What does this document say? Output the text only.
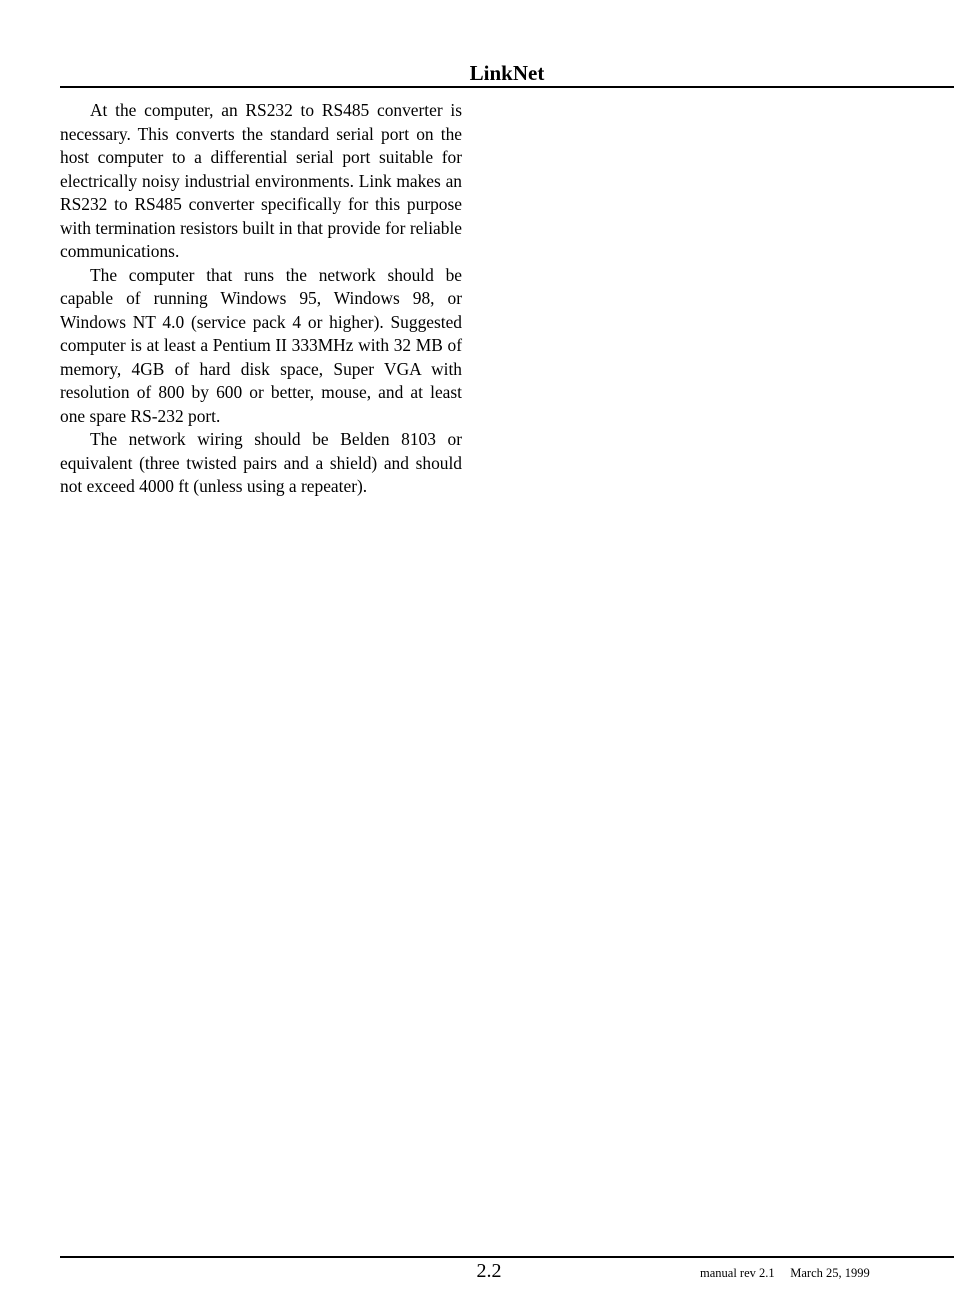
LinkNet

At the computer, an RS232 to RS485 converter is necessary. This converts the standard serial port on the host computer to a differential serial port suitable for electrically noisy industrial environments. Link makes an RS232 to RS485 converter specifically for this purpose with termination resistors built in that provide for reliable communications.

The computer that runs the network should be capable of running Windows 95, Windows 98, or Windows NT 4.0 (service pack 4 or higher). Suggested computer is at least a Pentium II 333MHz with 32 MB of memory, 4GB of hard disk space, Super VGA with resolution of 800 by 600 or better, mouse, and at least one spare RS-232 port.

The network wiring should be Belden 8103 or equivalent (three twisted pairs and a shield) and should not exceed 4000 ft (unless using a repeater).

2.2	manual rev 2.1 March 25, 1999
